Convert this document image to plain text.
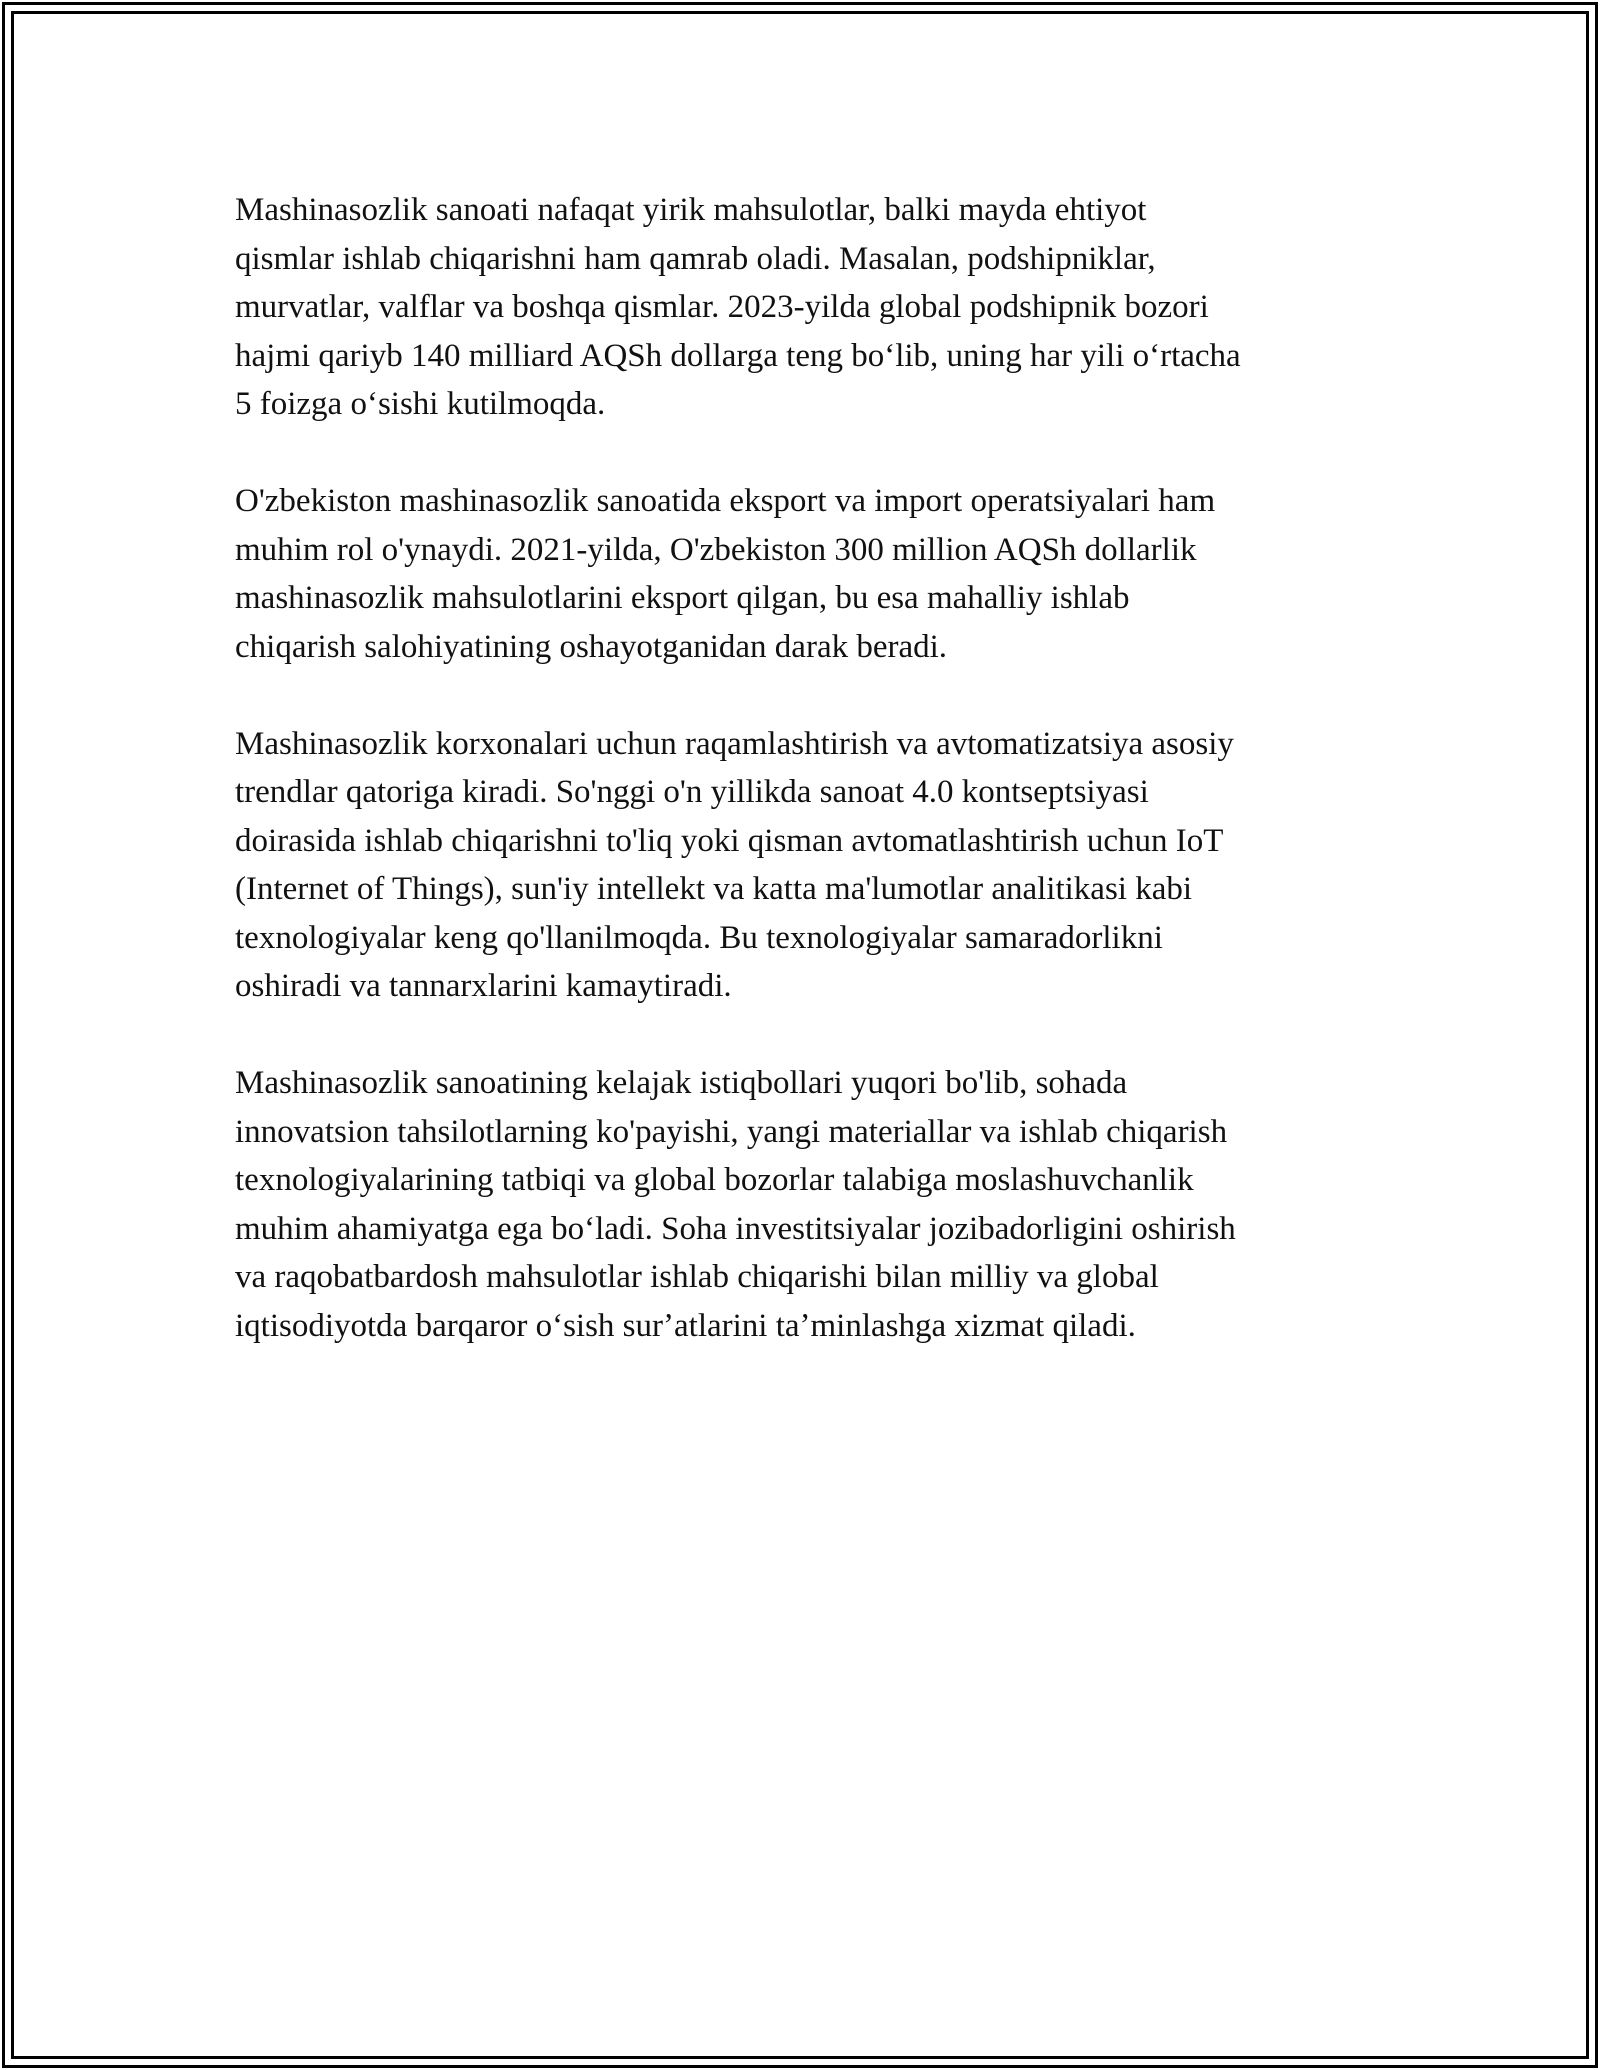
Mashinasozlik sanoati nafaqat yirik mahsulotlar, balki mayda ehtiyot
qismlar ishlab chiqarishni ham qamrab oladi. Masalan, podshipniklar,
murvatlar, valflar va boshqa qismlar. 2023-yilda global podshipnik bozori
hajmi qariyb 140 milliard AQSh dollarga teng boʻlib, uning har yili oʻrtacha
5 foizga oʻsishi kutilmoqda.

O'zbekiston mashinasozlik sanoatida eksport va import operatsiyalari ham
muhim rol o'ynaydi. 2021-yilda, O'zbekiston 300 million AQSh dollarlik
mashinasozlik mahsulotlarini eksport qilgan, bu esa mahalliy ishlab
chiqarish salohiyatining oshayotganidan darak beradi.

Mashinasozlik korxonalari uchun raqamlashtirish va avtomatizatsiya asosiy
trendlar qatoriga kiradi. So'nggi o'n yillikda sanoat 4.0 kontseptsiyasi
doirasida ishlab chiqarishni to'liq yoki qisman avtomatlashtirish uchun IoT
(Internet of Things), sun'iy intellekt va katta ma'lumotlar analitikasi kabi
texnologiyalar keng qo'llanilmoqda. Bu texnologiyalar samaradorlikni
oshiradi va tannarxlarini kamaytiradi.

Mashinasozlik sanoatining kelajak istiqbollari yuqori bo'lib, sohada
innovatsion tahsilotlarning ko'payishi, yangi materiallar va ishlab chiqarish
texnologiyalarining tatbiqi va global bozorlar talabiga moslashuvchanlik
muhim ahamiyatga ega boʻladi. Soha investitsiyalar jozibadorligini oshirish
va raqobatbardosh mahsulotlar ishlab chiqarishi bilan milliy va global
iqtisodiyotda barqaror oʻsish surʼatlarini taʼminlashga xizmat qiladi.
